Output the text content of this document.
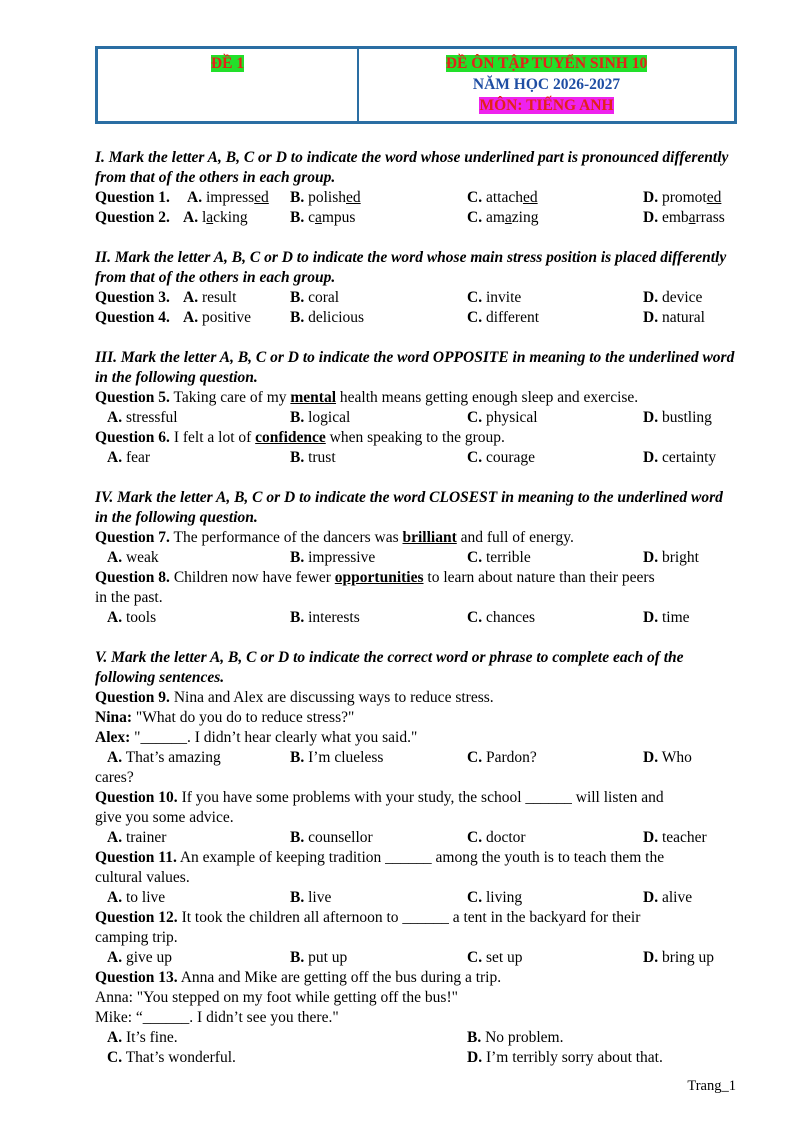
ĐỀ 1	ĐỀ ÔN TẬP TUYỂN SINH 10
NĂM HỌC 2026-2027
MÔN: TIẾNG ANH
I. Mark the letter A, B, C or D to indicate the word whose underlined part is pronounced differently from that of the others in each group.
Question 1. A. impressed B. polished	C. attached	D. promoted
Question 2. A. lacking	B. campus	C. amazing	D. embarrass
II. Mark the letter A, B, C or D to indicate the word whose main stress position is placed differently from that of the others in each group.
Question 3. A. result	B. coral	C. invite	D. device
Question 4. A. positive	B. delicious	C. different	D. natural
III. Mark the letter A, B, C or D to indicate the word OPPOSITE in meaning to the underlined word in the following question.
Question 5. Taking care of my mental health means getting enough sleep and exercise.
A. stressful	B. logical	C. physical	D. bustling
Question 6. I felt a lot of confidence when speaking to the group.
A. fear	B. trust	C. courage	D. certainty
IV. Mark the letter A, B, C or D to indicate the word CLOSEST in meaning to the underlined word in the following question.
Question 7. The performance of the dancers was brilliant and full of energy.
A. weak	B. impressive	C. terrible	D. bright
Question 8. Children now have fewer opportunities to learn about nature than their peers
in the past.
A. tools	B. interests	C. chances	D. time
V. Mark the letter A, B, C or D to indicate the correct word or phrase to complete each of the following sentences.
Question 9. Nina and Alex are discussing ways to reduce stress.
Nina: "What do you do to reduce stress?"
Alex: "______. I didn’t hear clearly what you said."
A. That’s amazing	B. I’m clueless	C. Pardon?	D. Who
cares?
Question 10. If you have some problems with your study, the school ______ will listen and
give you some advice.
A. trainer	B. counsellor	C. doctor	D. teacher
Question 11. An example of keeping tradition ______ among the youth is to teach them the
cultural values.
A. to live	B. live	C. living	D. alive
Question 12. It took the children all afternoon to ______ a tent in the backyard for their
camping trip.
A. give up	B. put up	C. set up	D. bring up
Question 13. Anna and Mike are getting off the bus during a trip.
Anna: "You stepped on my foot while getting off the bus!"
Mike: “______. I didn’t see you there."
A. It’s fine.	B. No problem.
C. That’s wonderful.	D. I’m terribly sorry about that.
Trang_1
